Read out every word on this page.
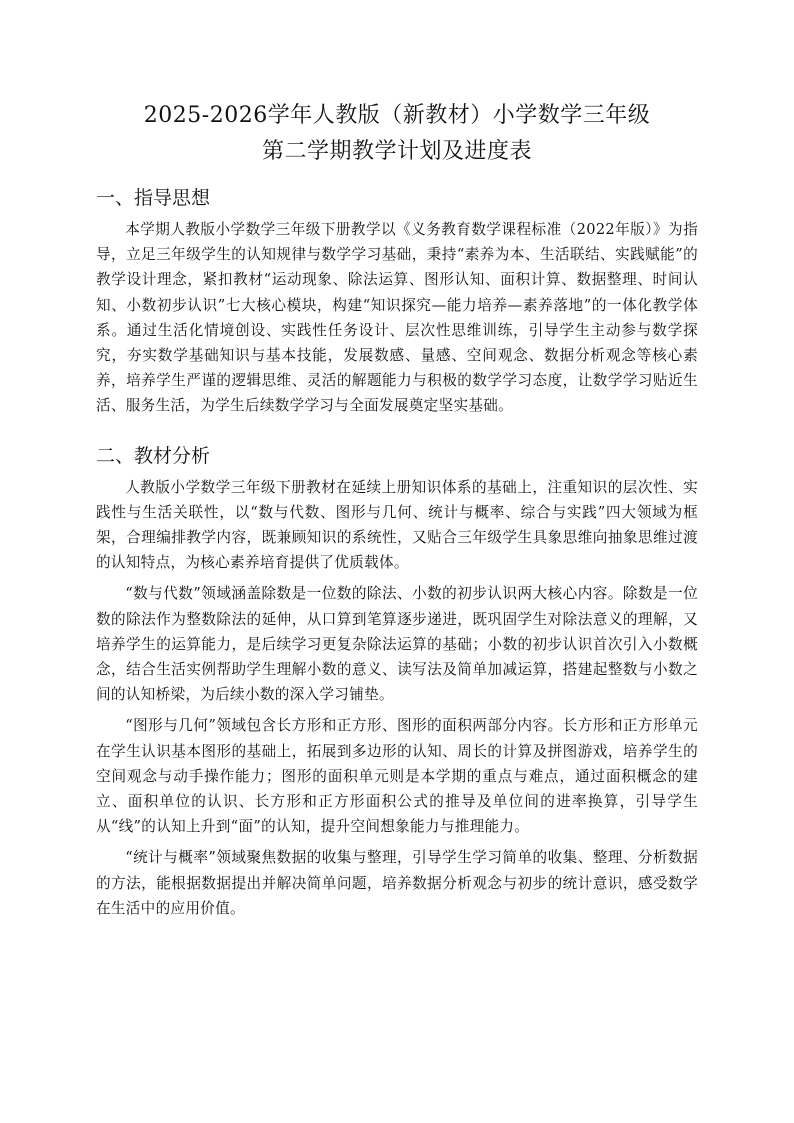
2025-2026学年人教版（新教材）小学数学三年级
第二学期教学计划及进度表
一、指导思想

本学期人教版小学数学三年级下册教学以《义务教育数学课程标准（2022年版）》为指导，立足三年级学生的认知规律与数学学习基础，秉持“素养为本、生活联结、实践赋能”的教学设计理念，紧扣教材“运动现象、除法运算、图形认知、面积计算、数据整理、时间认知、小数初步认识”七大核心模块，构建“知识探究—能力培养—素养落地”的一体化教学体系。通过生活化情境创设、实践性任务设计、层次性思维训练，引导学生主动参与数学探究，夯实数学基础知识与基本技能，发展数感、量感、空间观念、数据分析观念等核心素养，培养学生严谨的逻辑思维、灵活的解题能力与积极的数学学习态度，让数学学习贴近生活、服务生活，为学生后续数学学习与全面发展奠定坚实基础。

二、教材分析

人教版小学数学三年级下册教材在延续上册知识体系的基础上，注重知识的层次性、实践性与生活关联性，以“数与代数、图形与几何、统计与概率、综合与实践”四大领域为框架，合理编排教学内容，既兼顾知识的系统性，又贴合三年级学生具象思维向抽象思维过渡的认知特点，为核心素养培育提供了优质载体。

“数与代数”领域涵盖除数是一位数的除法、小数的初步认识两大核心内容。除数是一位数的除法作为整数除法的延伸，从口算到笔算逐步递进，既巩固学生对除法意义的理解，又培养学生的运算能力，是后续学习更复杂除法运算的基础；小数的初步认识首次引入小数概念，结合生活实例帮助学生理解小数的意义、读写法及简单加减运算，搭建起整数与小数之间的认知桥梁，为后续小数的深入学习铺垫。

“图形与几何”领域包含长方形和正方形、图形的面积两部分内容。长方形和正方形单元在学生认识基本图形的基础上，拓展到多边形的认知、周长的计算及拼图游戏，培养学生的空间观念与动手操作能力；图形的面积单元则是本学期的重点与难点，通过面积概念的建立、面积单位的认识、长方形和正方形面积公式的推导及单位间的进率换算，引导学生从“线”的认知上升到“面”的认知，提升空间想象能力与推理能力。

“统计与概率”领域聚焦数据的收集与整理，引导学生学习简单的收集、整理、分析数据的方法，能根据数据提出并解决简单问题，培养数据分析观念与初步的统计意识，感受数学在生活中的应用价值。
